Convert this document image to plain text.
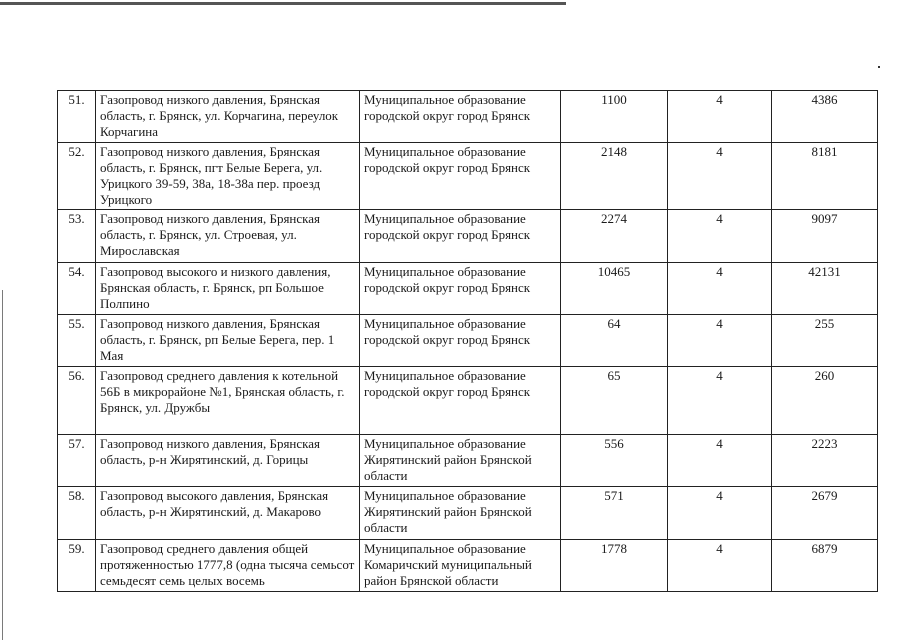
51.	Газопровод низкого давления, Брянская область, г. Брянск, ул. Корчагина, переулок Корчагина	Муниципальное образование городской округ город Брянск	1100	4	4386
52.	Газопровод низкого давления, Брянская область, г. Брянск, пгт Белые Берега, ул. Урицкого 39-59, 38а, 18-38а пер. проезд Урицкого	Муниципальное образование городской округ город Брянск	2148	4	8181
53.	Газопровод низкого давления, Брянская область, г. Брянск, ул. Строевая, ул. Мирославская	Муниципальное образование городской округ город Брянск	2274	4	9097
54.	Газопровод высокого и низкого давления, Брянская область, г. Брянск, рп Большое Полпино	Муниципальное образование городской округ город Брянск	10465	4	42131
55.	Газопровод низкого давления, Брянская область, г. Брянск, рп Белые Берега, пер. 1 Мая	Муниципальное образование городской округ город Брянск	64	4	255
56.	Газопровод среднего давления к котельной 56Б в микрорайоне №1, Брянская область, г. Брянск, ул. Дружбы	Муниципальное образование городской округ город Брянск	65	4	260
57.	Газопровод низкого давления, Брянская область, р-н Жирятинский, д. Горицы	Муниципальное образование Жирятинский район Брянской области	556	4	2223
58.	Газопровод высокого давления, Брянская область, р-н Жирятинский, д. Макарово	Муниципальное образование Жирятинский район Брянской области	571	4	2679
59.	Газопровод среднего давления общей протяженностью 1777,8 (одна тысяча семьсот семьдесят семь целых восемь	Муниципальное образование Комаричский муниципальный район Брянской области	1778	4	6879
